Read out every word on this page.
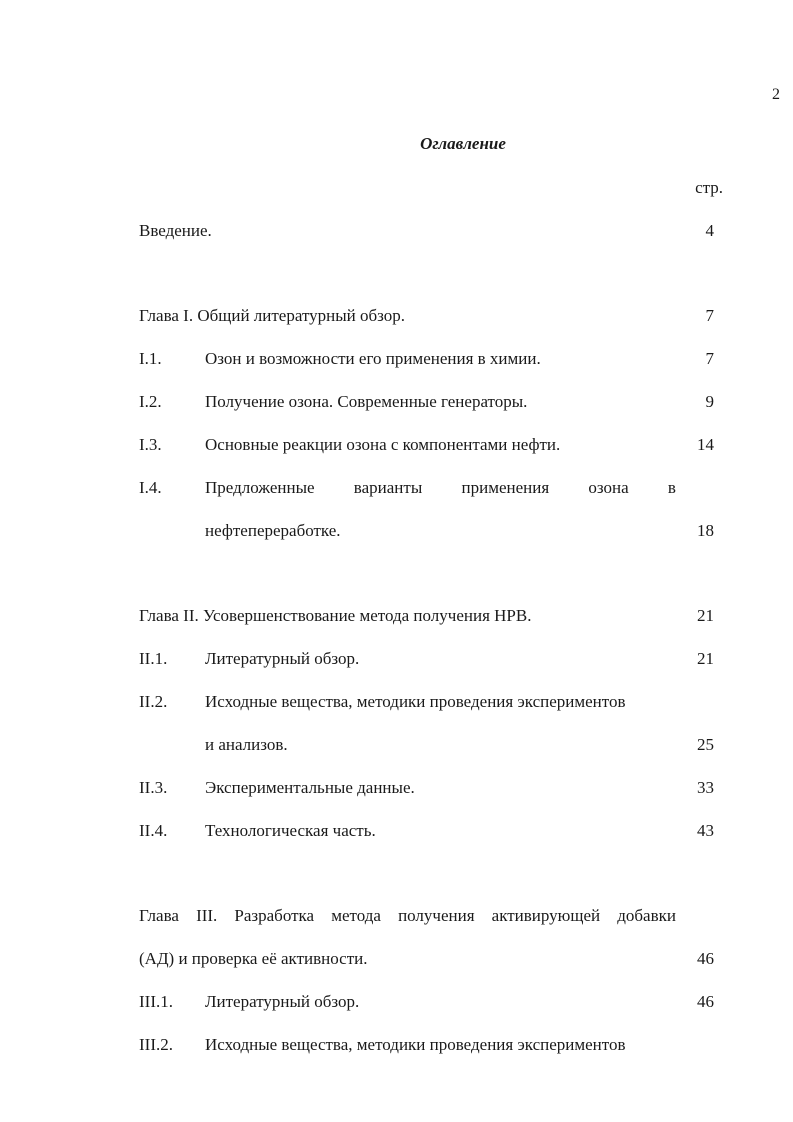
2
Оглавление
стр.
Введение.	4
Глава I. Общий литературный обзор.	7
I.1.	Озон и возможности его применения в химии.	7
I.2.	Получение озона. Современные генераторы.	9
I.3.	Основные реакции озона с компонентами нефти.	14
I.4.	Предложенные варианты применения озона в
нефтепереработке.	18
Глава II. Усовершенствование метода получения НРВ.	21
II.1. Литературный обзор.	21
II.2. Исходные вещества, методики проведения экспериментов
и анализов.	25
II.3. Экспериментальные данные.	33
II.4. Технологическая часть.	43
Глава III. Разработка метода получения активирующей добавки
(АД) и проверка её активности.	46
III.1. Литературный обзор.	46
III.2. Исходные вещества, методики проведения экспериментов
